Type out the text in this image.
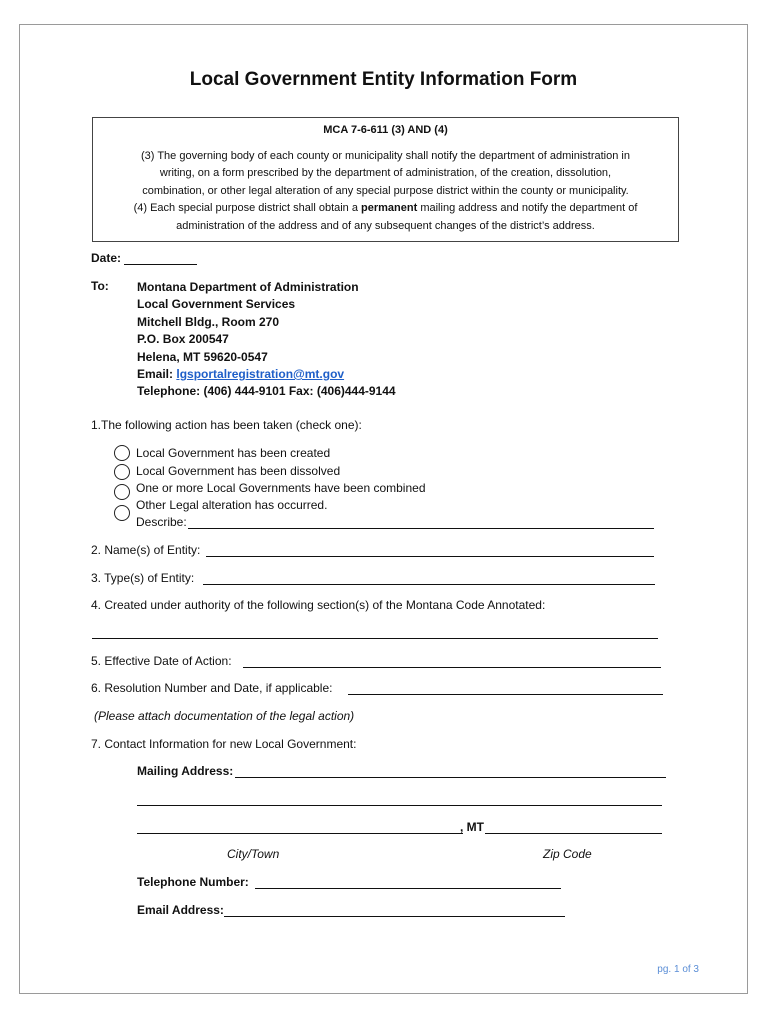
Local Government Entity Information Form
MCA 7-6-611 (3) AND (4)
(3) The governing body of each county or municipality shall notify the department of administration in
writing, on a form prescribed by the department of administration, of the creation, dissolution,
combination, or other legal alteration of any special purpose district within the county or municipality.
(4) Each special purpose district shall obtain a permanent mailing address and notify the department of
administration of the address and of any subsequent changes of the district’s address.
Date:
To: Montana Department of Administration
Local Government Services
Mitchell Bldg., Room 270
P.O. Box 200547
Helena, MT 59620-0547
Email: lgsportalregistration@mt.gov
Telephone: (406) 444-9101 Fax: (406)444-9144
1.The following action has been taken (check one):
Local Government has been created
Local Government has been dissolved
One or more Local Governments have been combined
Other Legal alteration has occurred.
Describe:
2. Name(s) of Entity:
3. Type(s) of Entity:
4. Created under authority of the following section(s) of the Montana Code Annotated:
5. Effective Date of Action:
6. Resolution Number and Date, if applicable:
(Please attach documentation of the legal action)
7. Contact Information for new Local Government:
Mailing Address:
, MT
City/Town	Zip Code
Telephone Number:
Email Address:
pg. 1 of 3
